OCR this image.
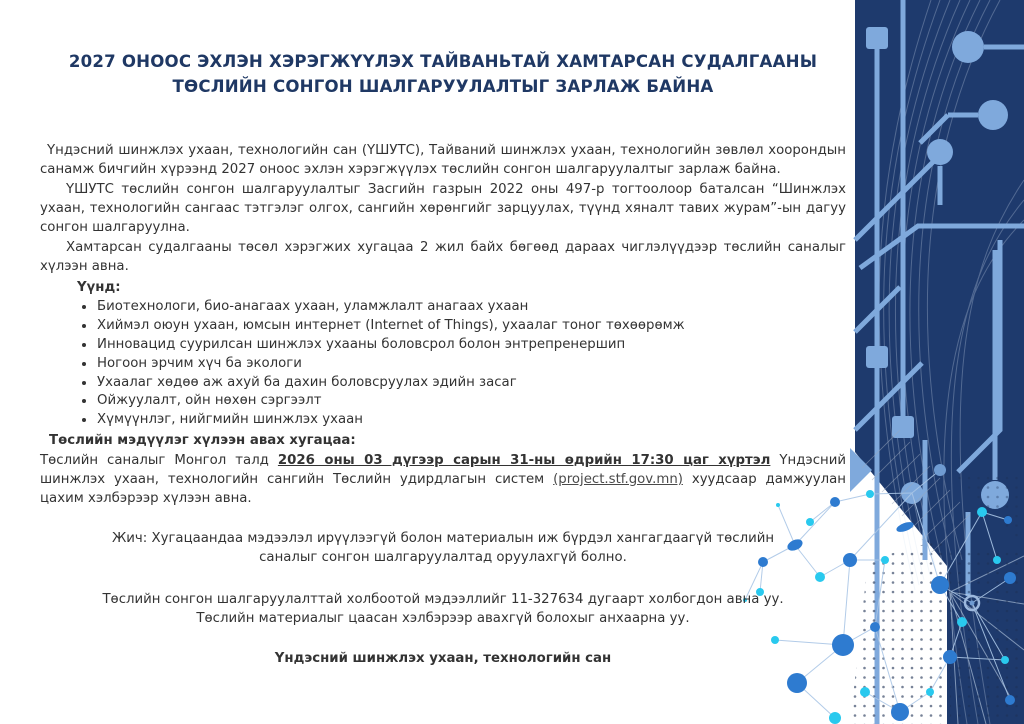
2027 ОНООС ЭХЛЭН ХЭРЭГЖҮҮЛЭХ ТАЙВАНЬТАЙ ХАМТАРСАН СУДАЛГААНЫ
ТӨСЛИЙН СОНГОН ШАЛГАРУУЛАЛТЫГ ЗАРЛАЖ БАЙНА

Үндэсний шинжлэх ухаан, технологийн сан (ҮШУТС), Тайваний шинжлэх ухаан, технологийн зөвлөл хоорондын санамж бичгийн хүрээнд 2027 оноос эхлэн хэрэгжүүлэх төслийн сонгон шалгаруулалтыг зарлаж байна.

ҮШУТС төслийн сонгон шалгаруулалтыг Засгийн газрын 2022 оны 497-р тогтоолоор баталсан “Шинжлэх ухаан, технологийн сангаас тэтгэлэг олгох, сангийн хөрөнгийг зарцуулах, түүнд хяналт тавих журам”-ын дагуу сонгон шалгаруулна.

Хамтарсан судалгааны төсөл хэрэгжих хугацаа 2 жил байх бөгөөд дараах чиглэлүүдээр төслийн саналыг хүлээн авна.

Үүнд:

• Биотехнологи, био-анагаах ухаан, уламжлалт анагаах ухаан
• Хиймэл оюун ухаан, юмсын интернет (Internet of Things), ухаалаг тоног төхөөрөмж
• Инновацид суурилсан шинжлэх ухааны боловсрол болон энтрепренершип
• Ногоон эрчим хүч ба экологи
• Ухаалаг хөдөө аж ахуй ба дахин боловсруулах эдийн засаг
• Ойжуулалт, ойн нөхөн сэргээлт
• Хүмүүнлэг, нийгмийн шинжлэх ухаан

Төслийн мэдүүлэг хүлээн авах хугацаа:

Төслийн саналыг Монгол талд 2026 оны 03 дүгээр сарын 31-ны өдрийн 17:30 цаг хүртэл Үндэсний шинжлэх ухаан, технологийн сангийн Төслийн удирдлагын систем (project.stf.gov.mn) хуудсаар дамжуулан цахим хэлбэрээр хүлээн авна.

Жич: Хугацаандаа мэдээлэл ирүүлээгүй болон материалын иж бүрдэл хангагдаагүй төслийн саналыг сонгон шалгаруулалтад оруулахгүй болно.

Төслийн сонгон шалгаруулалттай холбоотой мэдээллийг 11-327634 дугаарт холбогдон авна уу.

Төслийн материалыг цаасан хэлбэрээр авахгүй болохыг анхаарна уу.

Үндэсний шинжлэх ухаан, технологийн сан
